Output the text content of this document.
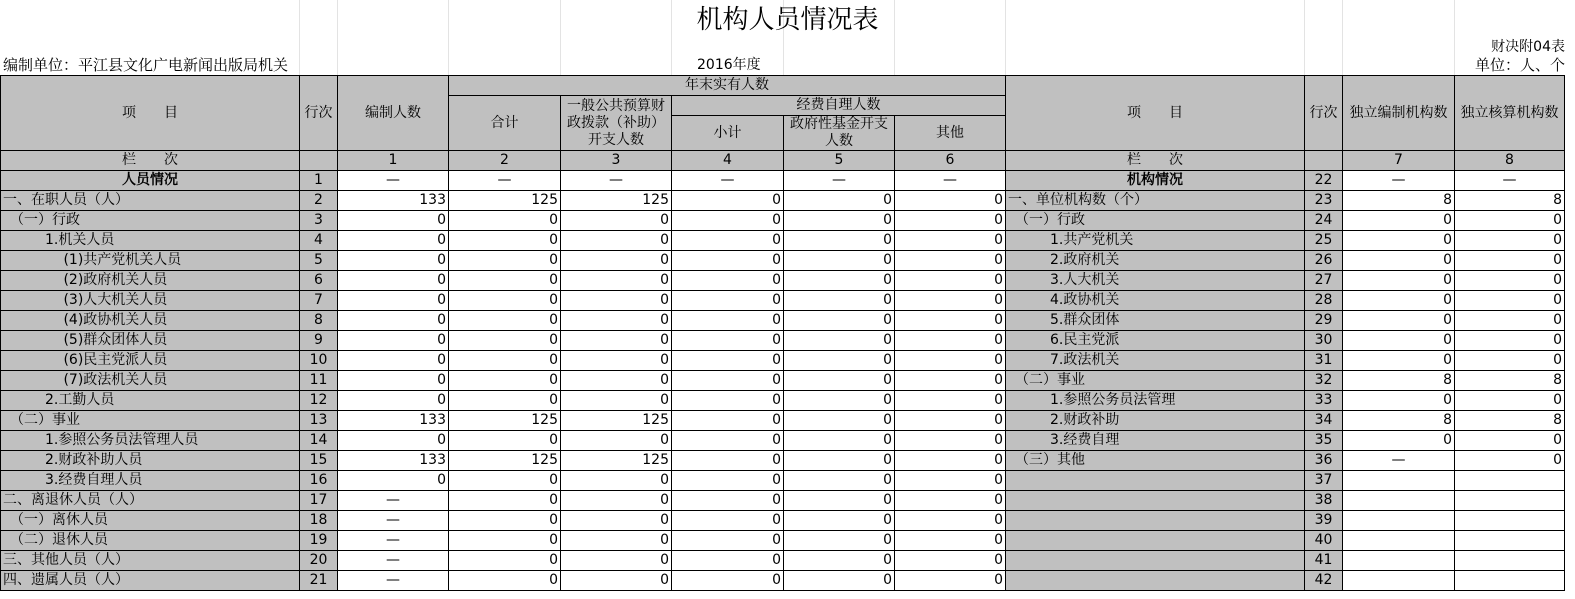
机构人员情况表
财决附04表
编制单位：平江县文化广电新闻出版局机关	2016年度	单位：人、个
项　　目	行次	编制人数	年末实有人数					项　　目	行次	独立编制机构数	独立核算机构数
			合计	一般公共预算财政拨款（补助）开支人数	经费自理人数						
					小计	政府性基金开支人数	其他				

栏　　次		1	2	3	4	5	6	栏　　次		7	8
人员情况	1	—	—	—	—	—	—	机构情况	22	—	—
一、在职人员（人）	2	133	125	125	0	0	0	一、单位机构数（个）	23	8	8
　（一）行政	3	0	0	0	0	0	0	　（一）行政	24	0	0
　　　1.机关人员	4	0	0	0	0	0	0	　　　1.共产党机关	25	0	0
　　　　 (1)共产党机关人员	5	0	0	0	0	0	0	　　　2.政府机关	26	0	0
　　　　 (2)政府机关人员	6	0	0	0	0	0	0	　　　3.人大机关	27	0	0
　　　　 (3)人大机关人员	7	0	0	0	0	0	0	　　　4.政协机关	28	0	0
　　　　 (4)政协机关人员	8	0	0	0	0	0	0	　　　5.群众团体	29	0	0
　　　　 (5)群众团体人员	9	0	0	0	0	0	0	　　　6.民主党派	30	0	0
　　　　 (6)民主党派人员	10	0	0	0	0	0	0	　　　7.政法机关	31	0	0
　　　　 (7)政法机关人员	11	0	0	0	0	0	0	　（二）事业	32	8	8
　　　2.工勤人员	12	0	0	0	0	0	0	　　　1.参照公务员法管理	33	0	0
　（二）事业	13	133	125	125	0	0	0	　　　2.财政补助	34	8	8
　　　1.参照公务员法管理人员	14	0	0	0	0	0	0	　　　3.经费自理	35	0	0
　　　2.财政补助人员	15	133	125	125	0	0	0	　（三）其他	36	—	0
　　　3.经费自理人员	16	0	0	0	0	0	0		37		
二、离退休人员（人）	17	—	0	0	0	0	0		38		
　（一）离休人员	18	—	0	0	0	0	0		39		
　（二）退休人员	19	—	0	0	0	0	0		40		
三、其他人员（人）	20	—	0	0	0	0	0		41		
四、遗属人员（人）	21	—	0	0	0	0	0		42		
